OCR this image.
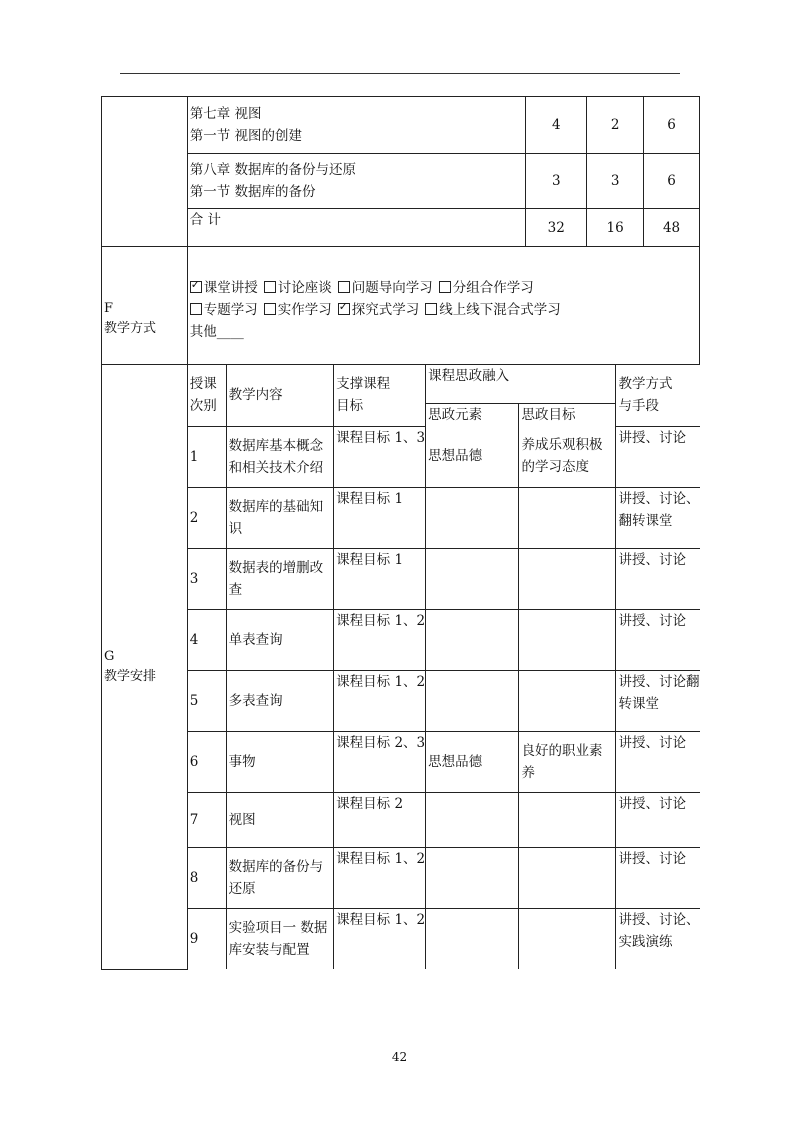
第七章 视图
第一节 视图的创建
	4	2	6

第八章 数据库的备份与还原
第一节 数据库的备份
	3	3	6
合 计	32	16	48

F
教学方式

✓课堂讲授 讨论座谈 问题导向学习 分组合作学习
专题学习 实作学习✓ 探究式学习 线上线下混合式学习
其他____

G
教学安排

授课
次别
	教学内容	
支撑课程
目标
	课程思政融入	
教学方式
与手段

思政元素	思政目标
1	
数据库基本概念
和相关技术介绍
	课程目标 1、3	思想品德	
养成乐观积极
的学习态度

讲授、讨论

2	
数据库的基础知
识
	课程目标 1			讲授、讨论、
翻转课堂

3	
数据表的增删改
查
	课程目标 1			讲授、讨论

4	单表查询
	课程目标 1、2			讲授、讨论

5	多表查询
	课程目标 1、2			讲授、讨论翻
转课堂

6	事物
	课程目标 2、3	思想品德	
良好的职业素
养

讲授、讨论

7	视图
	课程目标 2			讲授、讨论

8	
数据库的备份与
还原
	课程目标 1、2			讲授、讨论

9	
实验项目一 数据
库安装与配置
	课程目标 1、2			讲授、讨论、
实践演练
42
